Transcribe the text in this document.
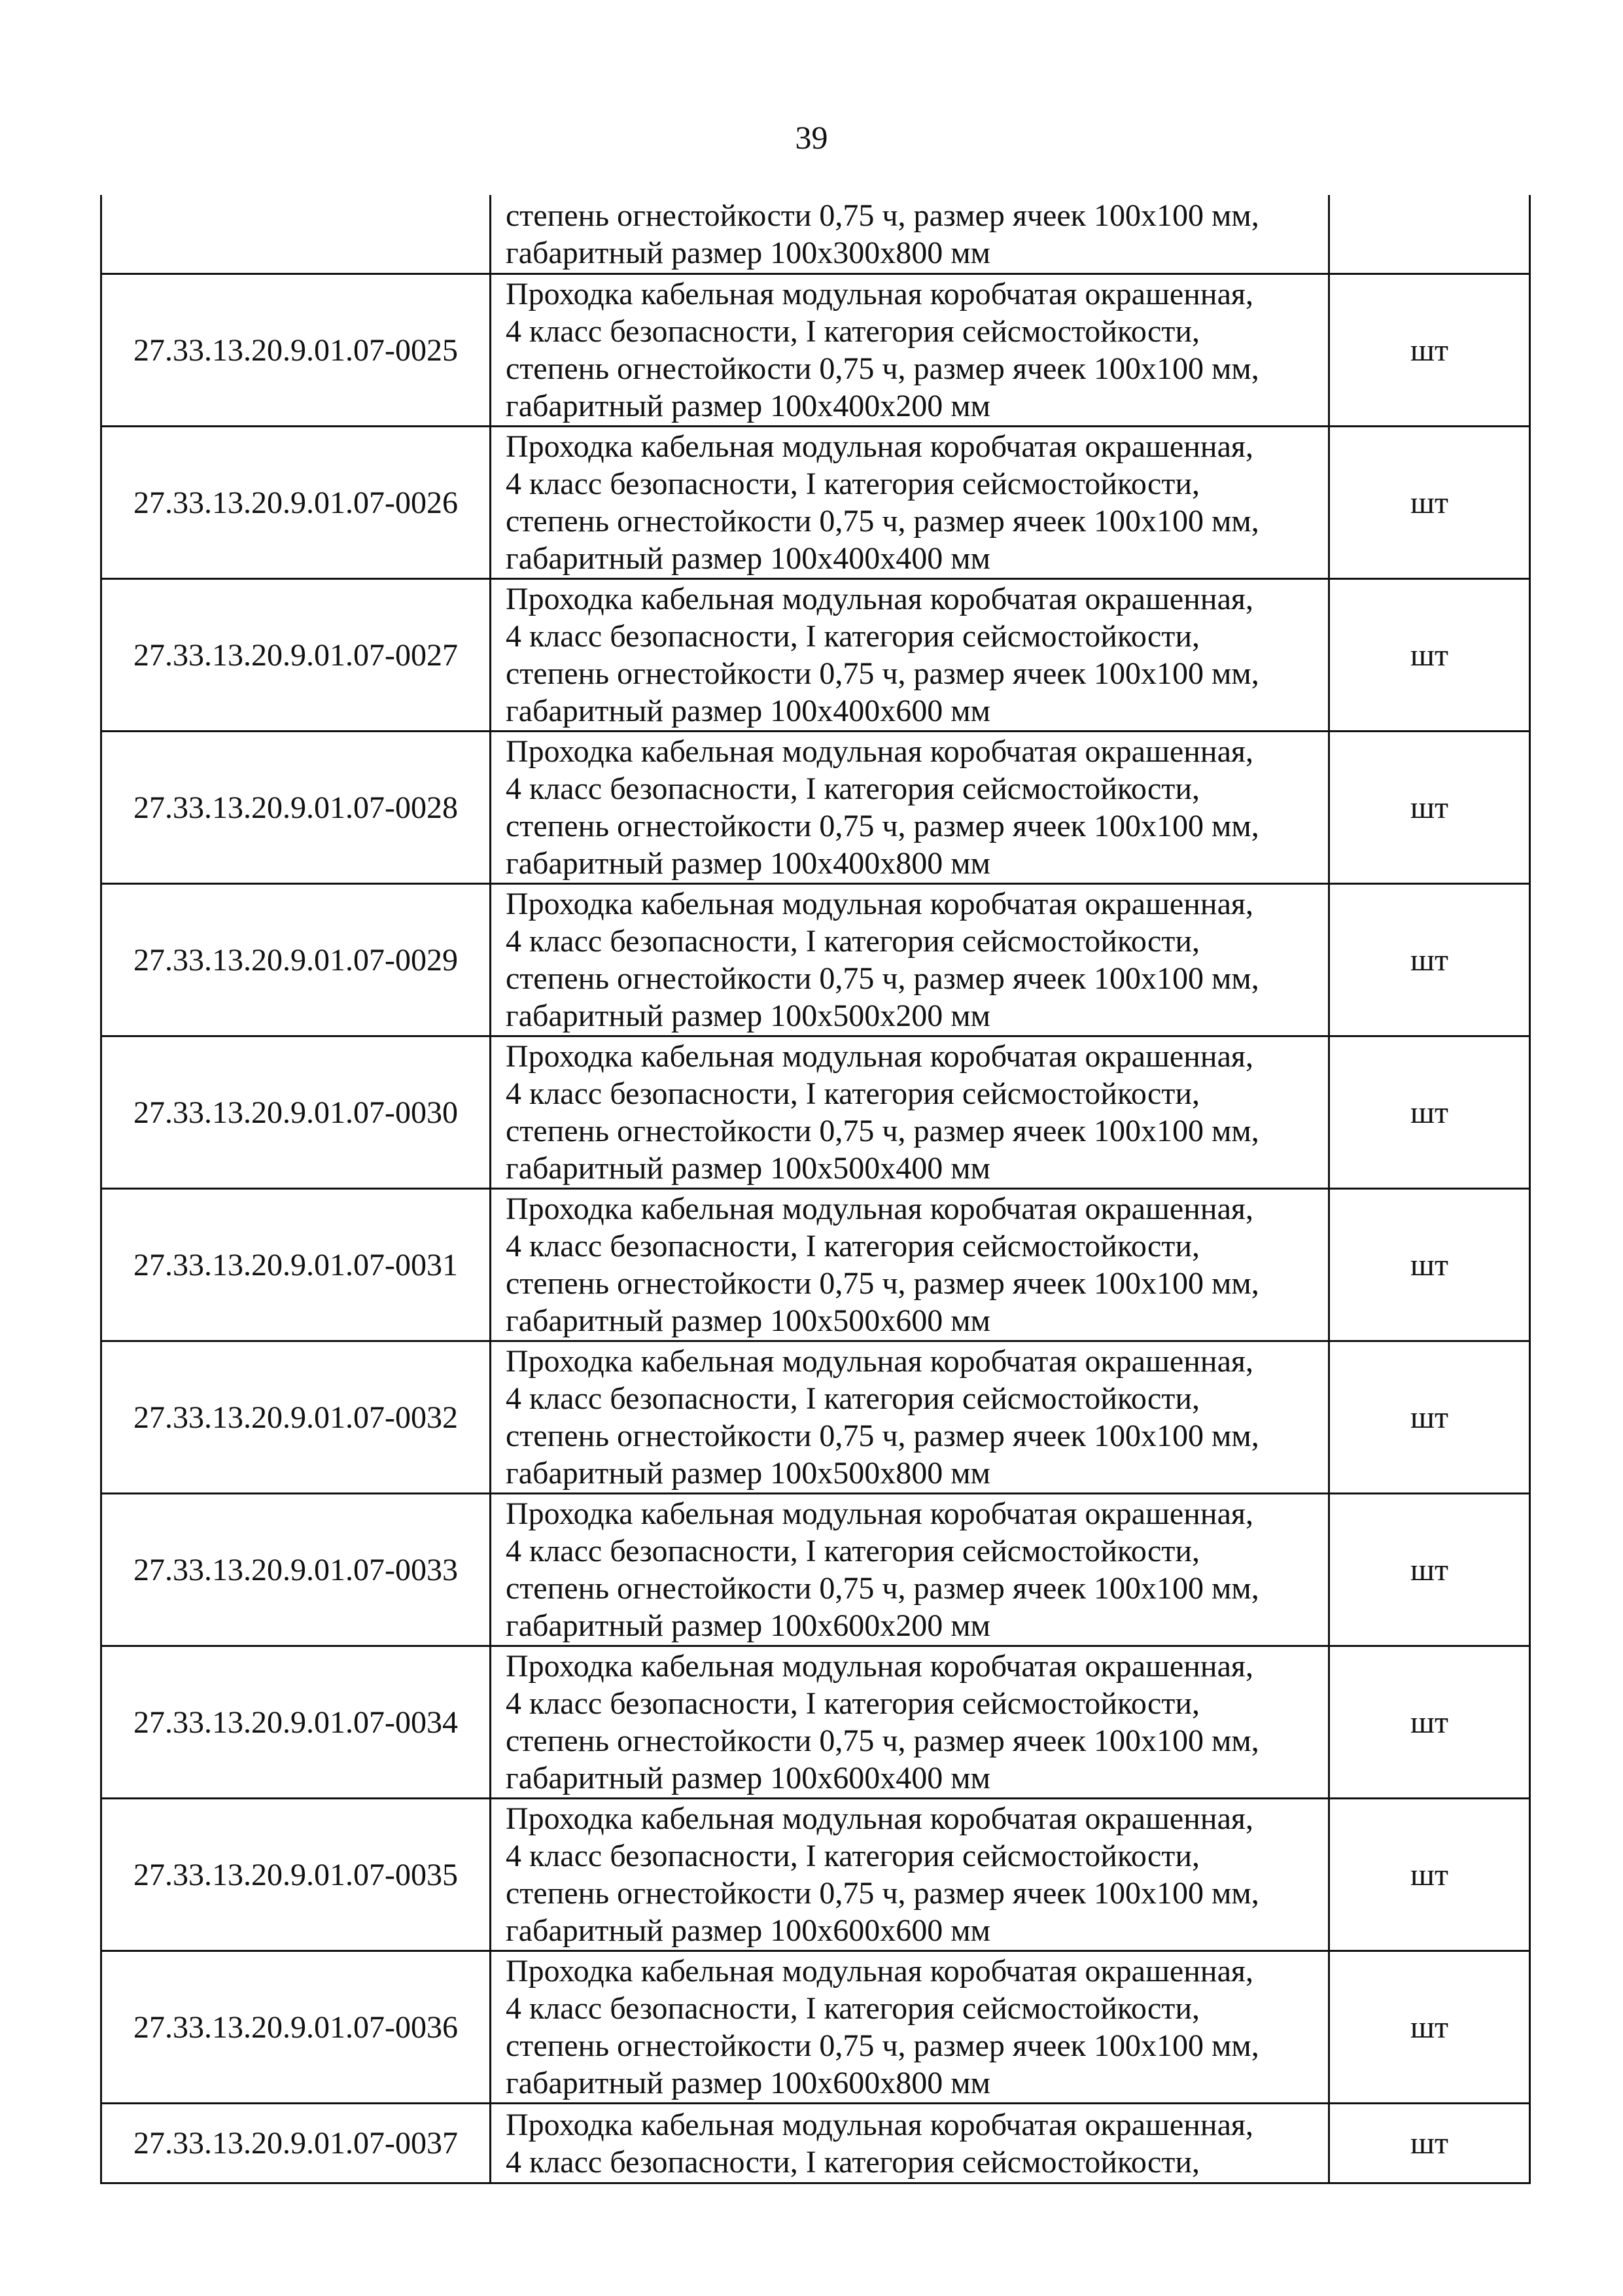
39

	степень огнестойкости 0,75 ч, размер ячеек 100х100 мм,
габаритный размер 100х300х800 мм	

27.33.13.20.9.01.07-0025	Проходка кабельная модульная коробчатая окрашенная,
4 класс безопасности, I категория сейсмостойкости,
степень огнестойкости 0,75 ч, размер ячеек 100х100 мм,
габаритный размер 100х400х200 мм	шт
27.33.13.20.9.01.07-0026	Проходка кабельная модульная коробчатая окрашенная,
4 класс безопасности, I категория сейсмостойкости,
степень огнестойкости 0,75 ч, размер ячеек 100х100 мм,
габаритный размер 100х400х400 мм	шт
27.33.13.20.9.01.07-0027	Проходка кабельная модульная коробчатая окрашенная,
4 класс безопасности, I категория сейсмостойкости,
степень огнестойкости 0,75 ч, размер ячеек 100х100 мм,
габаритный размер 100х400х600 мм	шт
27.33.13.20.9.01.07-0028	Проходка кабельная модульная коробчатая окрашенная,
4 класс безопасности, I категория сейсмостойкости,
степень огнестойкости 0,75 ч, размер ячеек 100х100 мм,
габаритный размер 100х400х800 мм	шт
27.33.13.20.9.01.07-0029	Проходка кабельная модульная коробчатая окрашенная,
4 класс безопасности, I категория сейсмостойкости,
степень огнестойкости 0,75 ч, размер ячеек 100х100 мм,
габаритный размер 100х500х200 мм	шт
27.33.13.20.9.01.07-0030	Проходка кабельная модульная коробчатая окрашенная,
4 класс безопасности, I категория сейсмостойкости,
степень огнестойкости 0,75 ч, размер ячеек 100х100 мм,
габаритный размер 100х500х400 мм	шт
27.33.13.20.9.01.07-0031	Проходка кабельная модульная коробчатая окрашенная,
4 класс безопасности, I категория сейсмостойкости,
степень огнестойкости 0,75 ч, размер ячеек 100х100 мм,
габаритный размер 100х500х600 мм	шт
27.33.13.20.9.01.07-0032	Проходка кабельная модульная коробчатая окрашенная,
4 класс безопасности, I категория сейсмостойкости,
степень огнестойкости 0,75 ч, размер ячеек 100х100 мм,
габаритный размер 100х500х800 мм	шт
27.33.13.20.9.01.07-0033	Проходка кабельная модульная коробчатая окрашенная,
4 класс безопасности, I категория сейсмостойкости,
степень огнестойкости 0,75 ч, размер ячеек 100х100 мм,
габаритный размер 100х600х200 мм	шт
27.33.13.20.9.01.07-0034	Проходка кабельная модульная коробчатая окрашенная,
4 класс безопасности, I категория сейсмостойкости,
степень огнестойкости 0,75 ч, размер ячеек 100х100 мм,
габаритный размер 100х600х400 мм	шт
27.33.13.20.9.01.07-0035	Проходка кабельная модульная коробчатая окрашенная,
4 класс безопасности, I категория сейсмостойкости,
степень огнестойкости 0,75 ч, размер ячеек 100х100 мм,
габаритный размер 100х600х600 мм	шт
27.33.13.20.9.01.07-0036	Проходка кабельная модульная коробчатая окрашенная,
4 класс безопасности, I категория сейсмостойкости,
степень огнестойкости 0,75 ч, размер ячеек 100х100 мм,
габаритный размер 100х600х800 мм	шт
27.33.13.20.9.01.07-0037	Проходка кабельная модульная коробчатая окрашенная,
4 класс безопасности, I категория сейсмостойкости,	шт
